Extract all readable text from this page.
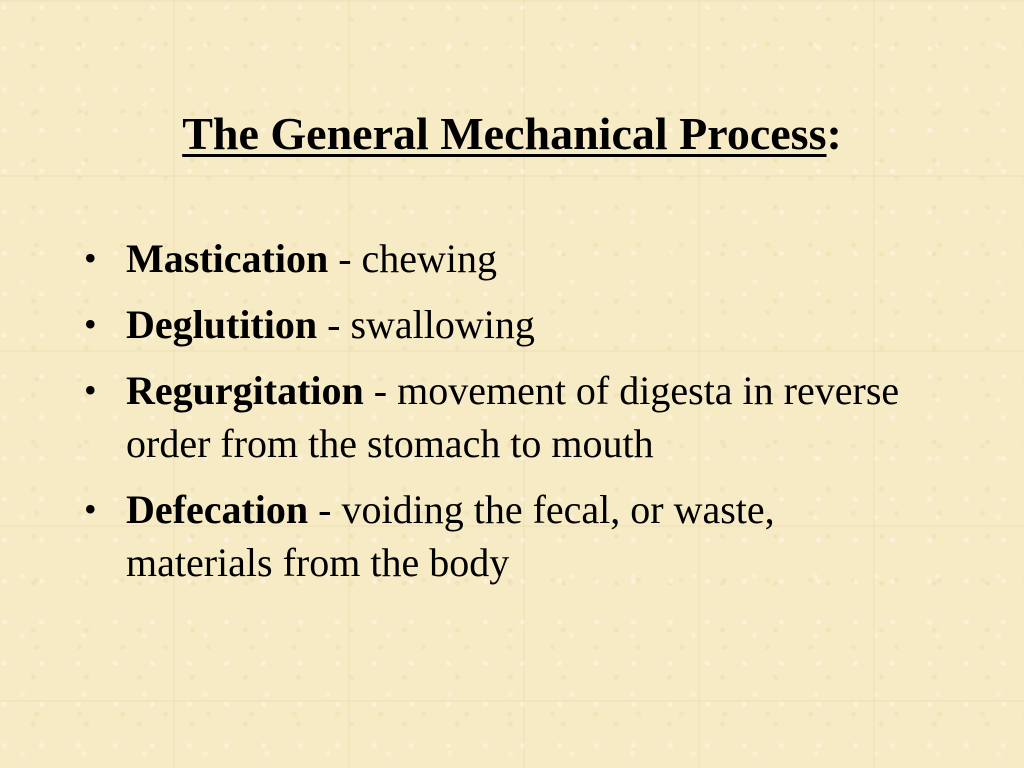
The General Mechanical Process:
• Mastication - chewing
• Deglutition - swallowing
• Regurgitation - movement of digesta in reverse order from the stomach to mouth
• Defecation - voiding the fecal, or waste, materials from the body
